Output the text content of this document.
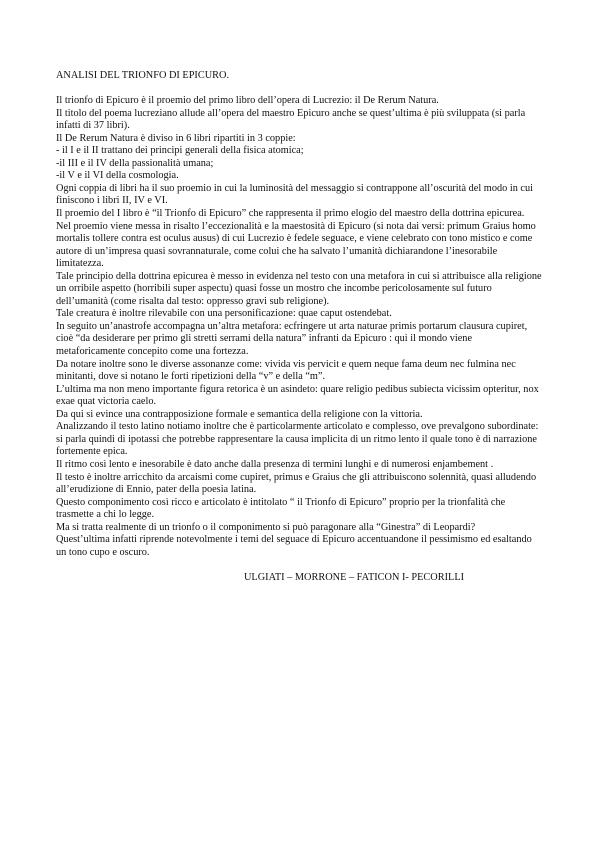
ANALISI DEL TRIONFO DI EPICURO.

Il trionfo di Epicuro è il proemio del primo libro dell’opera di Lucrezio: il De Rerum Natura.

Il titolo del poema lucreziano allude all’opera del maestro Epicuro anche se quest’ultima è più sviluppata (si parla infatti di 37 libri).

Il De Rerum Natura è diviso in 6 libri ripartiti in 3 coppie:

- il I e il II trattano dei principi generali della fisica atomica;

-il III e il IV della passionalità umana;

-il V e il VI della cosmologia.

Ogni coppia di libri ha il suo proemio in cui la luminosità del messaggio si contrappone all’oscurità del modo in cui finiscono i libri II, IV e VI.

Il proemio del I libro è “il Trionfo di Epicuro” che rappresenta il primo elogio del maestro della dottrina epicurea.

Nel proemio viene messa in risalto l’eccezionalità e la maestosità di Epicuro (si nota dai versi: primum Graius homo mortalis tollere contra est oculus ausus) di cui Lucrezio è fedele seguace, e viene celebrato con tono mistico e come autore di un’impresa quasi sovrannaturale, come colui che ha salvato l’umanità dichiarandone l’inesorabile limitatezza.

Tale principio della dottrina epicurea è messo in evidenza nel testo con una metafora in cui si attribuisce alla religione un orribile aspetto (horribili super aspectu) quasi fosse un mostro che incombe pericolosamente sul futuro dell’umanità (come risalta dal testo: oppresso gravi sub religione).

Tale creatura è inoltre rilevabile con una personificazione: quae caput ostendebat.

In seguito un’anastrofe accompagna un’altra metafora: ecfringere ut arta naturae primis portarum clausura cupiret, cioè “da desiderare per primo gli stretti serrami della natura” infranti da Epicuro : qui il mondo viene metaforicamente concepito come una fortezza.

Da notare inoltre sono le diverse assonanze come: vivida vis pervicit e quem neque fama deum nec fulmina nec minitanti, dove si notano le forti ripetizioni della “v” e della “m”.

L’ultima ma non meno importante figura retorica è un asindeto: quare religio pedibus subiecta vicissim opteritur, nox exae quat victoria caelo.

Da qui si evince una contrapposizione formale e semantica della religione con la vittoria.

Analizzando il testo latino notiamo inoltre che è particolarmente articolato e complesso, ove prevalgono subordinate: si parla quindi di ipotassi che potrebbe rappresentare la causa implicita di un ritmo lento il quale tono è di narrazione fortemente epica.

Il ritmo così lento e inesorabile è dato anche dalla presenza di termini lunghi e di numerosi enjambement .

Il testo è inoltre arricchito da arcaismi come cupiret, primus e Graius che gli attribuiscono solennità, quasi alludendo all’erudizione di Ennio, pater della poesia latina.

Questo componimento così ricco e articolato è intitolato “ il Trionfo di Epicuro” proprio per la trionfalità che trasmette a chi lo legge.

Ma si tratta realmente di un trionfo o il componimento si può paragonare alla “Ginestra” di Leopardi?

Quest’ultima infatti riprende notevolmente i temi del seguace di Epicuro accentuandone il pessimismo ed esaltando un tono cupo e oscuro.

ULGIATI – MORRONE – FATICON I- PECORILLI
